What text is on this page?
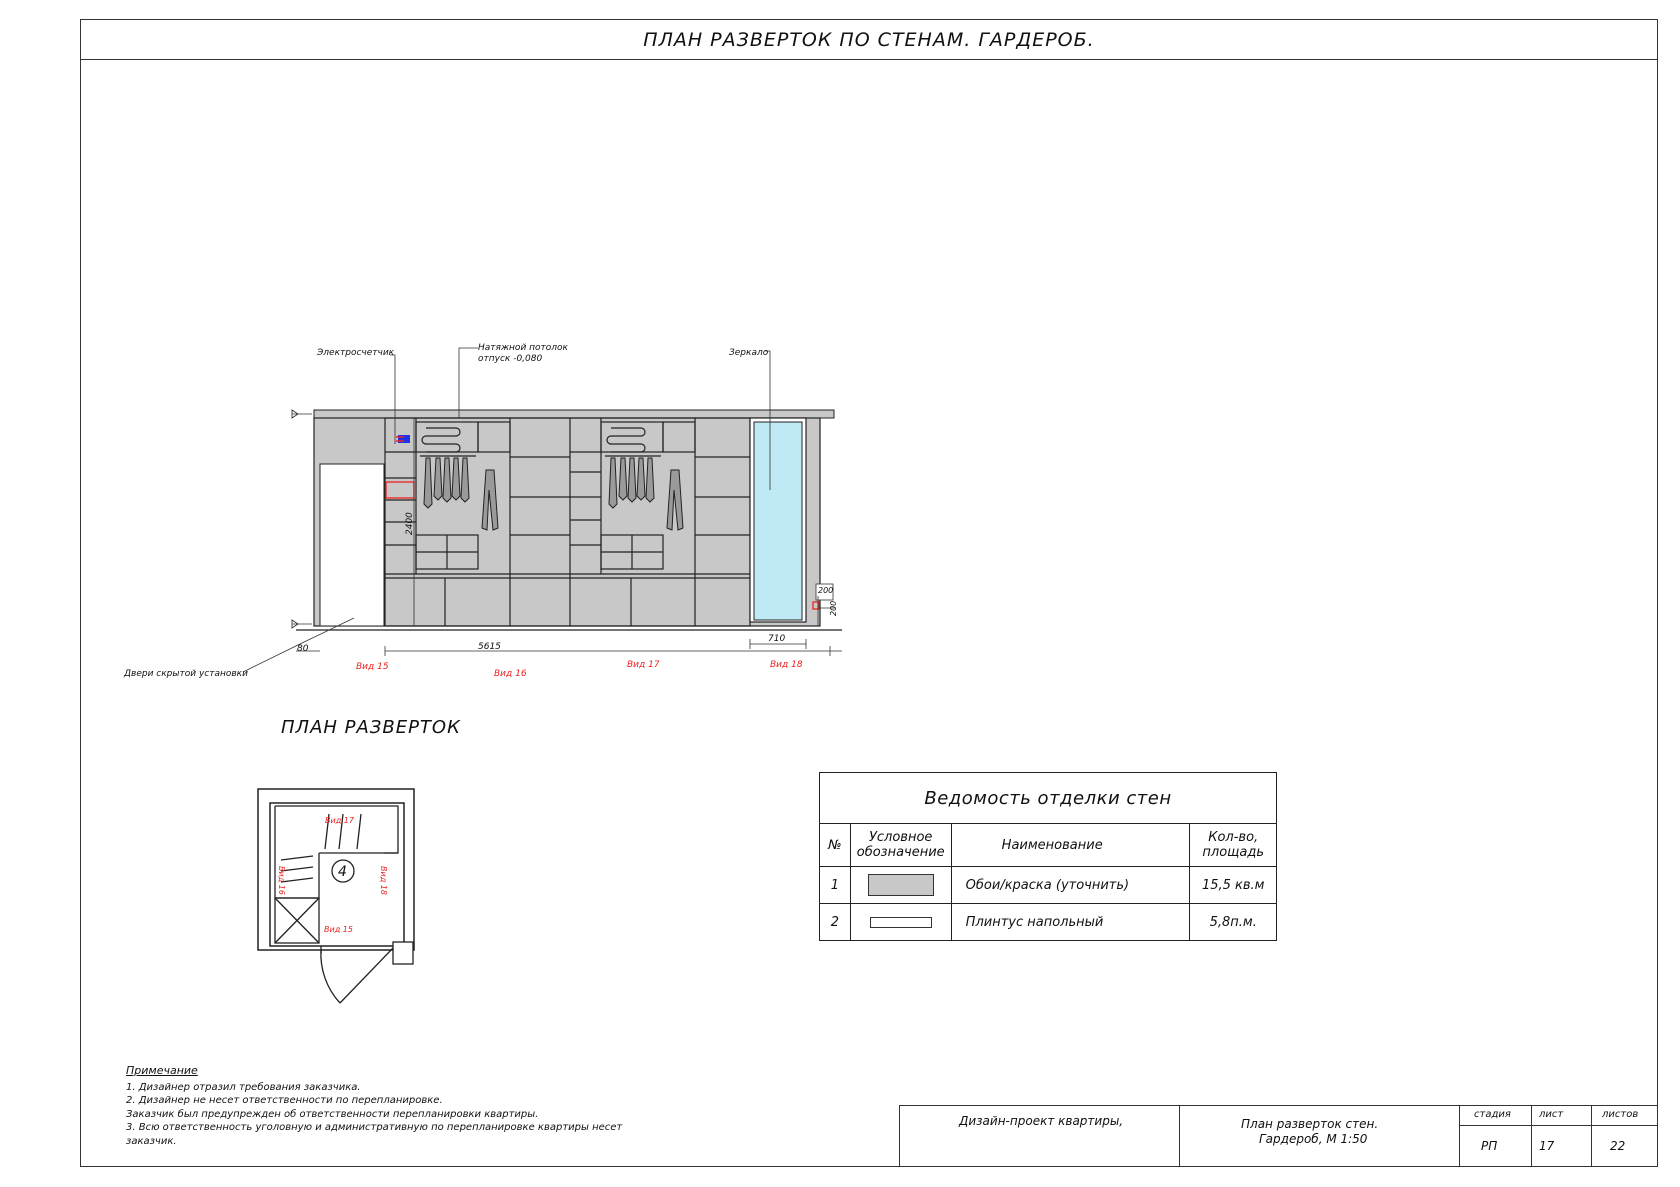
ПЛАН РАЗВЕРТОК ПО СТЕНАМ. ГАРДЕРОБ.
Электросчетчик	Натяжной потолок
отпуск -0,080
Зеркало
Двери скрытой установки
5615
710
80
200
200
2400
Вид 15
Вид 16
Вид 17	Вид 18
ПЛАН РАЗВЕРТОК
4
Вид 17
Вид 16	Вид 18
Вид 15
Ведомость отделки стен			
№	Условное обозначение	Наименование	Кол-во, площадь
1		Обои/краска (уточнить)	15,5 кв.м
2		Плинтус напольный	5,8п.м.
Примечание
1. Дизайнер отразил требования заказчика.
2. Дизайнер не несет ответственности по перепланировке.
Заказчик был предупрежден об ответственности перепланировки квартиры.
3. Всю ответственность уголовную и административную по перепланировке квартиры несет
заказчик.
Дизайн-проект квартиры,	План разверток стен.
Гардероб, М 1:50
стадия	лист	листов
РП	17	22
